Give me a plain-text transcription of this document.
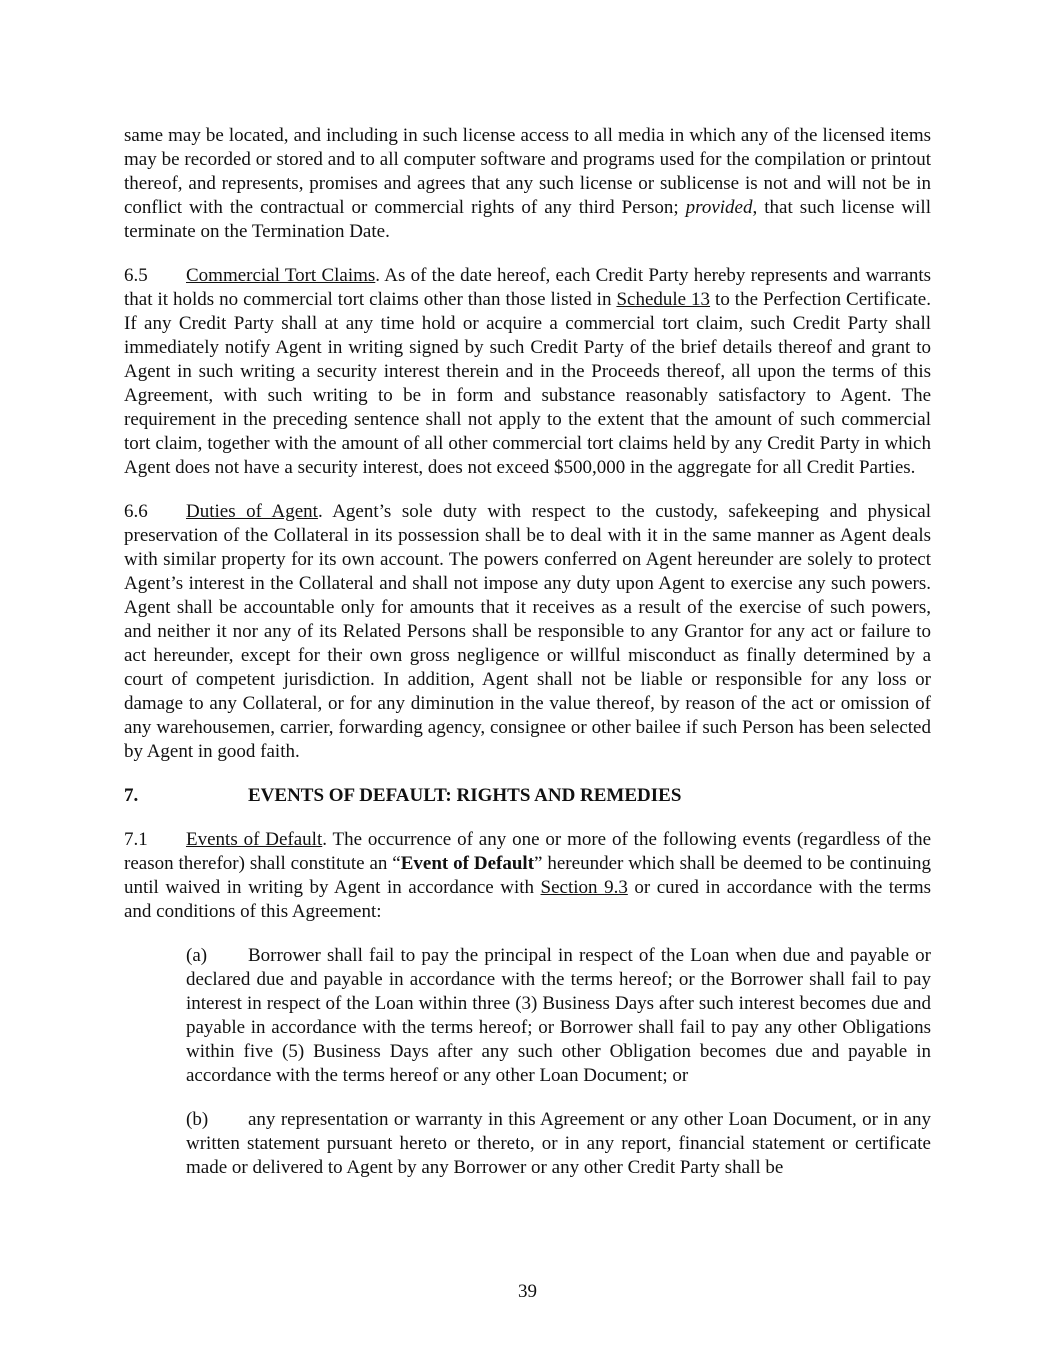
same may be located, and including in such license access to all media in which any of the licensed items may be recorded or stored and to all computer software and programs used for the compilation or printout thereof, and represents, promises and agrees that any such license or sublicense is not and will not be in conflict with the contractual or commercial rights of any third Person; provided, that such license will terminate on the Termination Date.

6.5 Commercial Tort Claims. As of the date hereof, each Credit Party hereby represents and warrants that it holds no commercial tort claims other than those listed in Schedule 13 to the Perfection Certificate. If any Credit Party shall at any time hold or acquire a commercial tort claim, such Credit Party shall immediately notify Agent in writing signed by such Credit Party of the brief details thereof and grant to Agent in such writing a security interest therein and in the Proceeds thereof, all upon the terms of this Agreement, with such writing to be in form and substance reasonably satisfactory to Agent. The requirement in the preceding sentence shall not apply to the extent that the amount of such commercial tort claim, together with the amount of all other commercial tort claims held by any Credit Party in which Agent does not have a security interest, does not exceed $500,000 in the aggregate for all Credit Parties.

6.6 Duties of Agent. Agent’s sole duty with respect to the custody, safekeeping and physical preservation of the Collateral in its possession shall be to deal with it in the same manner as Agent deals with similar property for its own account. The powers conferred on Agent hereunder are solely to protect Agent’s interest in the Collateral and shall not impose any duty upon Agent to exercise any such powers. Agent shall be accountable only for amounts that it receives as a result of the exercise of such powers, and neither it nor any of its Related Persons shall be responsible to any Grantor for any act or failure to act hereunder, except for their own gross negligence or willful misconduct as finally determined by a court of competent jurisdiction. In addition, Agent shall not be liable or responsible for any loss or damage to any Collateral, or for any diminution in the value thereof, by reason of the act or omission of any warehousemen, carrier, forwarding agency, consignee or other bailee if such Person has been selected by Agent in good faith.

7.	EVENTS OF DEFAULT: RIGHTS AND REMEDIES

7.1 Events of Default. The occurrence of any one or more of the following events (regardless of the reason therefor) shall constitute an “Event of Default” hereunder which shall be deemed to be continuing until waived in writing by Agent in accordance with Section 9.3 or cured in accordance with the terms and conditions of this Agreement:

(a) Borrower shall fail to pay the principal in respect of the Loan when due and payable or declared due and payable in accordance with the terms hereof; or the Borrower shall fail to pay interest in respect of the Loan within three (3) Business Days after such interest becomes due and payable in accordance with the terms hereof; or Borrower shall fail to pay any other Obligations within five (5) Business Days after any such other Obligation becomes due and payable in accordance with the terms hereof or any other Loan Document; or

(b) any representation or warranty in this Agreement or any other Loan Document, or in any written statement pursuant hereto or thereto, or in any report, financial statement or certificate made or delivered to Agent by any Borrower or any other Credit Party shall be

39
